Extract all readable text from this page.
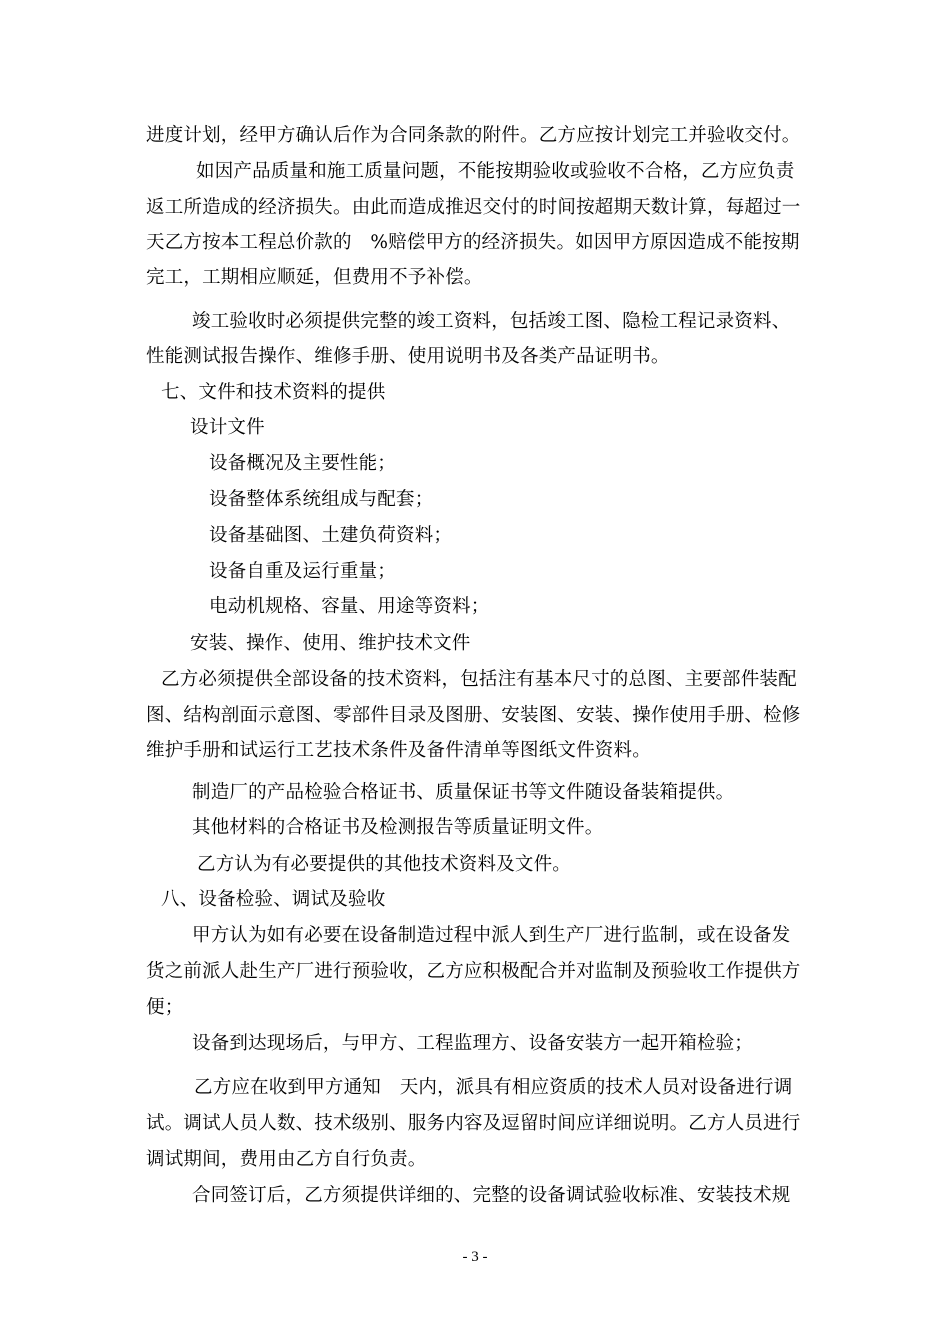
进度计划，经甲方确认后作为合同条款的附件。乙方应按计划完工并验收交付。
如因产品质量和施工质量问题，不能按期验收或验收不合格，乙方应负责
返工所造成的经济损失。由此而造成推迟交付的时间按超期天数计算，每超过一
天乙方按本工程总价款的　%赔偿甲方的经济损失。如因甲方原因造成不能按期
完工，工期相应顺延，但费用不予补偿。
竣工验收时必须提供完整的竣工资料，包括竣工图、隐检工程记录资料、
性能测试报告操作、维修手册、使用说明书及各类产品证明书。
七、文件和技术资料的提供
设计文件
设备概况及主要性能；
设备整体系统组成与配套；
设备基础图、土建负荷资料；
设备自重及运行重量；
电动机规格、容量、用途等资料；
安装、操作、使用、维护技术文件
乙方必须提供全部设备的技术资料，包括注有基本尺寸的总图、主要部件装配
图、结构剖面示意图、零部件目录及图册、安装图、安装、操作使用手册、检修
维护手册和试运行工艺技术条件及备件清单等图纸文件资料。
制造厂的产品检验合格证书、质量保证书等文件随设备装箱提供。
其他材料的合格证书及检测报告等质量证明文件。
乙方认为有必要提供的其他技术资料及文件。
八、设备检验、调试及验收
甲方认为如有必要在设备制造过程中派人到生产厂进行监制，或在设备发
货之前派人赴生产厂进行预验收，乙方应积极配合并对监制及预验收工作提供方
便；
设备到达现场后，与甲方、工程监理方、设备安装方一起开箱检验；
乙方应在收到甲方通知　天内，派具有相应资质的技术人员对设备进行调
试。调试人员人数、技术级别、服务内容及逗留时间应详细说明。乙方人员进行
调试期间，费用由乙方自行负责。
合同签订后，乙方须提供详细的、完整的设备调试验收标准、安装技术规
- 3 -
